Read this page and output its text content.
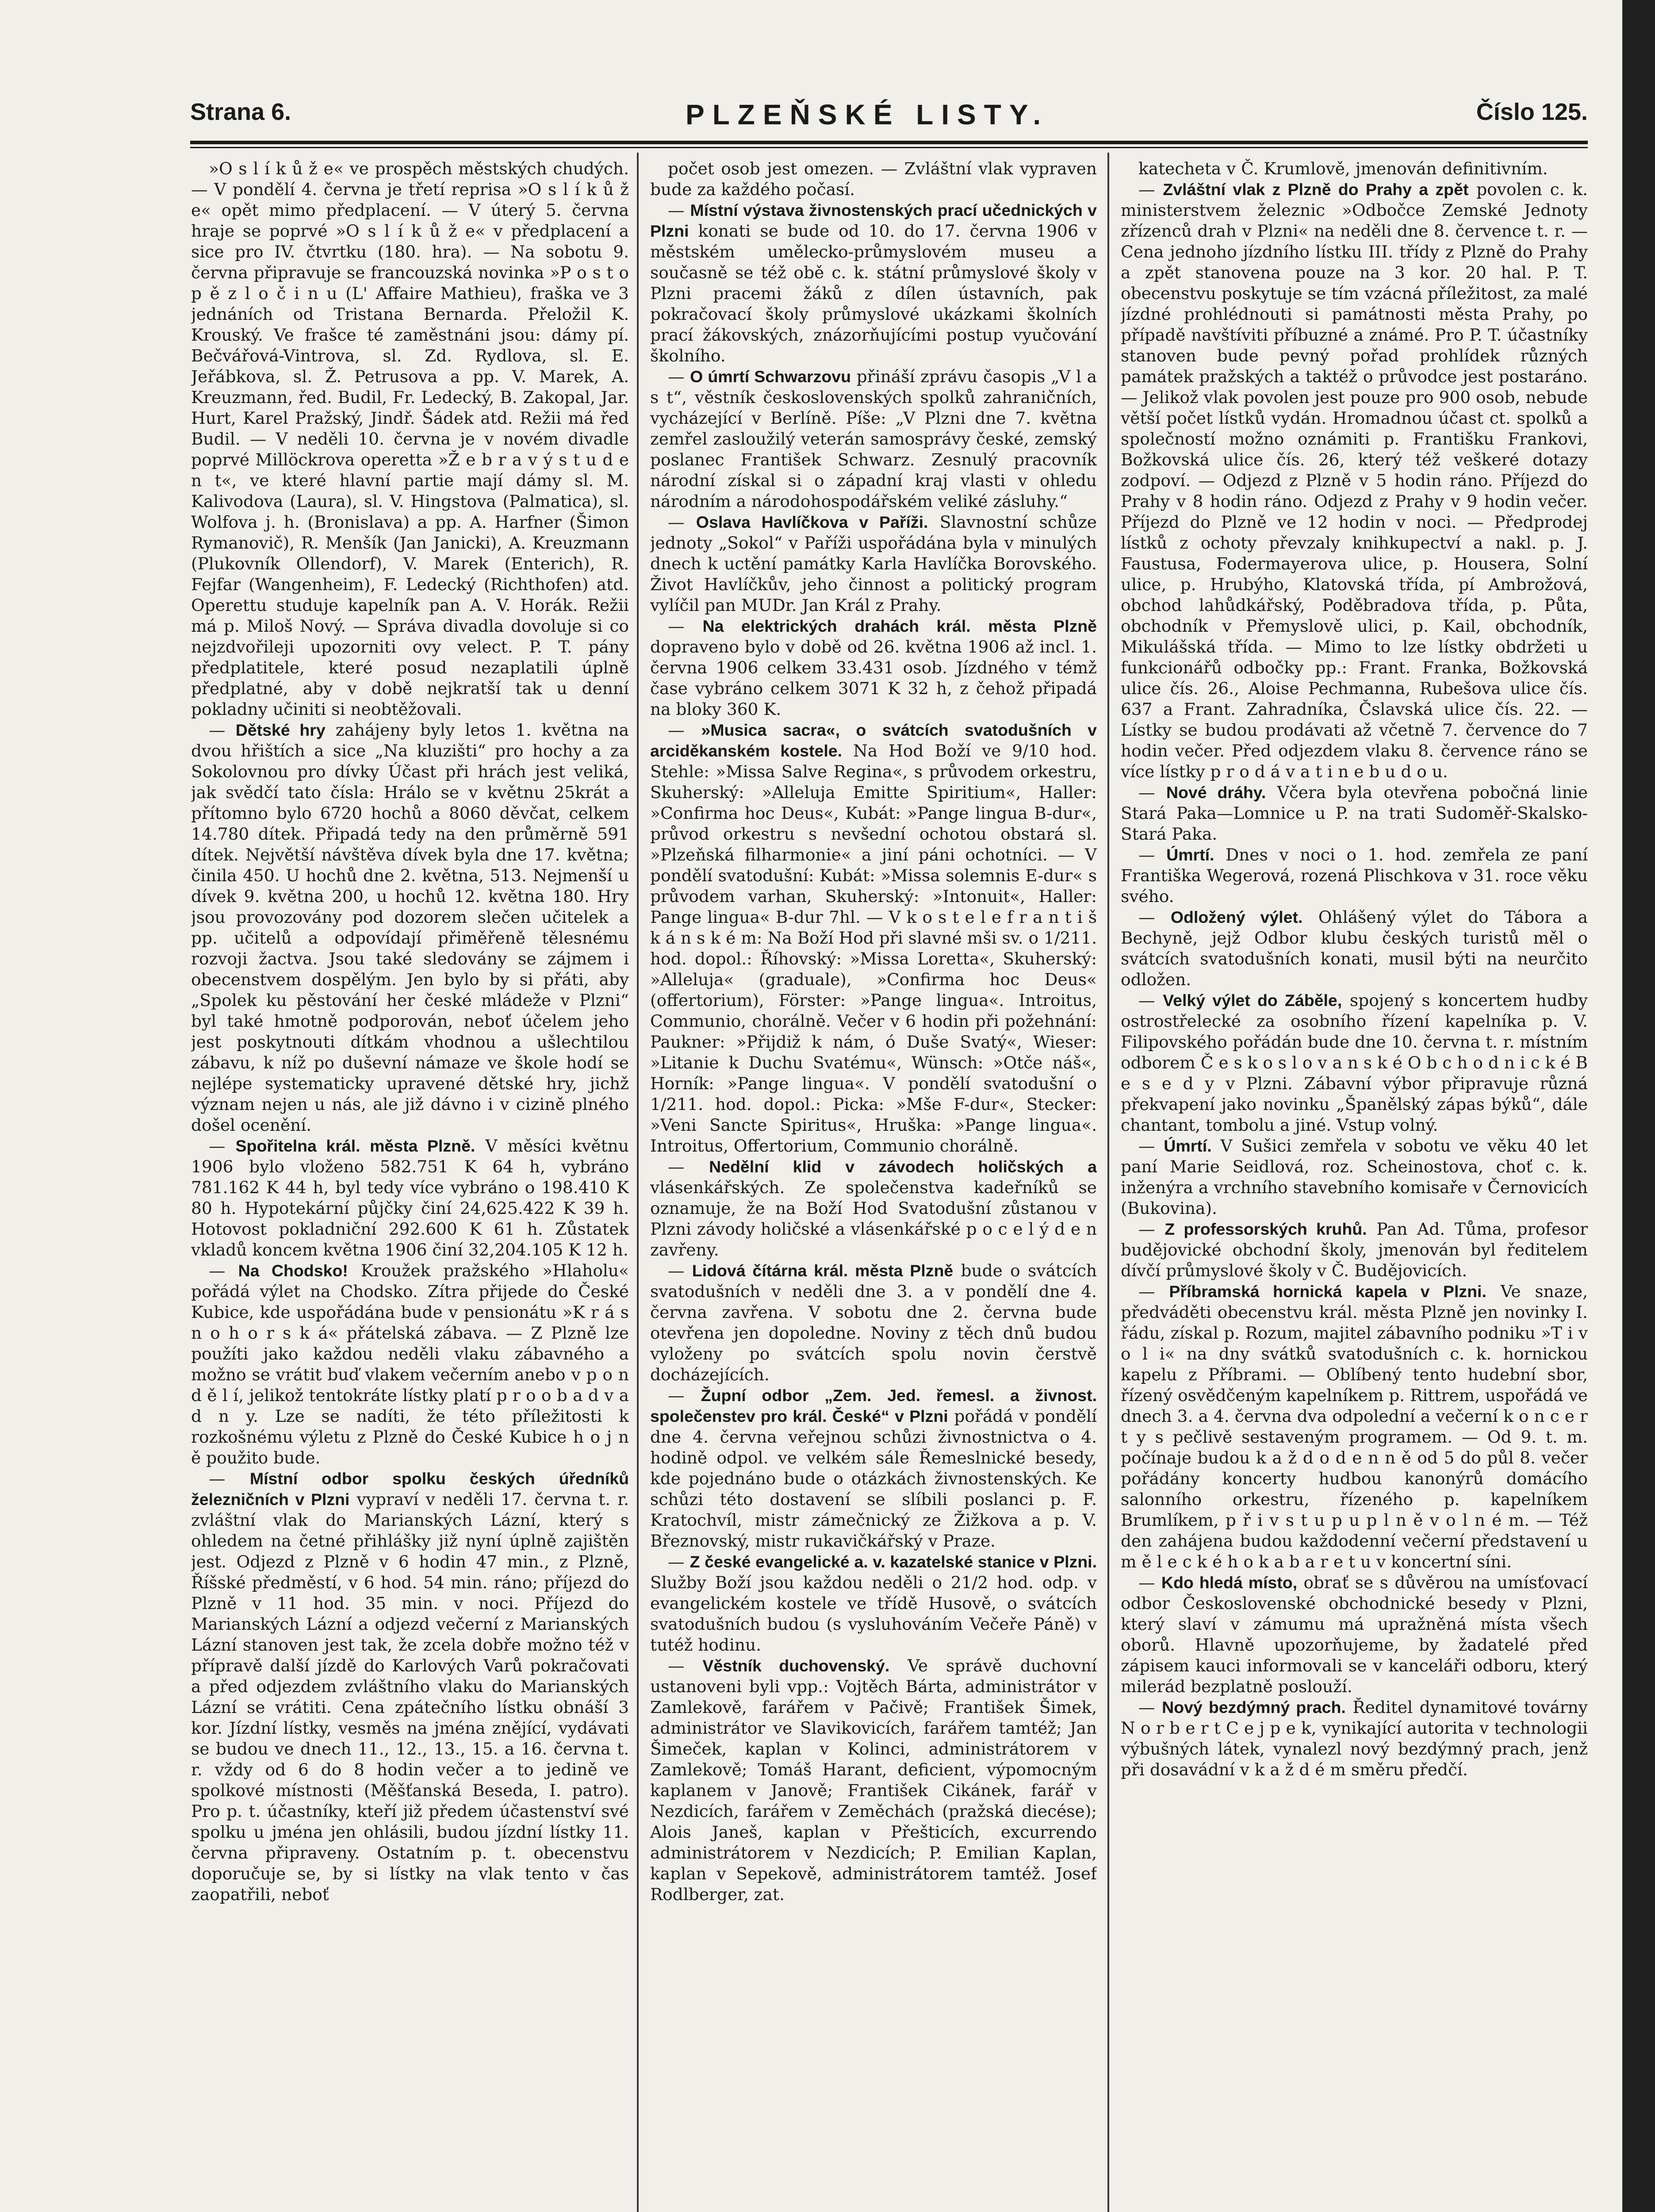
Strana 6.	PLZEŇSKÉ LISTY.	Číslo 125.

»O s l í k ů ž e« ve prospěch městských chudých. — V pondělí 4. června je třetí reprisa »O s l í k ů ž e« opět mimo předplacení. — V úterý 5. června hraje se poprvé »O s l í k ů ž e« v předplacení a sice pro IV. čtvrtku (180. hra). — Na sobotu 9. června připravuje se francouzská novinka »P o s t o p ě z l o č i n u (L' Affaire Mathieu), fraška ve 3 jednáních od Tristana Bernarda. Přeložil K. Krouský. Ve frašce té zaměstnáni jsou: dámy pí. Bečvářová-Vintrova, sl. Zd. Rydlova, sl. E. Jeřábkova, sl. Ž. Petrusova a pp. V. Marek, A. Kreuzmann, řed. Budil, Fr. Ledecký, B. Zakopal, Jar. Hurt, Karel Pražský, Jindř. Šádek atd. Režii má řed Budil. — V neděli 10. června je v novém divadle poprvé Millöckrova operetta »Ž e b r a v ý s t u d e n t«, ve které hlavní partie mají dámy sl. M. Kalivodova (Laura), sl. V. Hingstova (Palmatica), sl. Wolfova j. h. (Bronislava) a pp. A. Harfner (Šimon Rymanovič), R. Menšík (Jan Janicki), A. Kreuzmann (Plukovník Ollendorf), V. Marek (Enterich), R. Fejfar (Wangenheim), F. Ledecký (Richthofen) atd. Operettu studuje kapelník pan A. V. Horák. Režii má p. Miloš Nový. — Správa divadla dovoluje si co nejzdvořileji upozorniti ovy velect. P. T. pány předplatitele, které posud nezaplatili úplně předplatné, aby v době nejkratší tak u denní pokladny učiniti si neobtěžovali.

— Dětské hry zahájeny byly letos 1. května na dvou hřištích a sice „Na kluzišti“ pro hochy a za Sokolovnou pro dívky Účast při hrách jest veliká, jak svědčí tato čísla: Hrálo se v květnu 25krát a přítomno bylo 6720 hochů a 8060 děvčat, celkem 14.780 dítek. Připadá tedy na den průměrně 591 dítek. Největší návštěva dívek byla dne 17. května; činila 450. U hochů dne 2. května, 513. Nejmenší u dívek 9. května 200, u hochů 12. května 180. Hry jsou provozovány pod dozorem slečen učitelek a pp. učitelů a odpovídají přiměřeně tělesnému rozvoji žactva. Jsou také sledovány se zájmem i obecenstvem dospělým. Jen bylo by si přáti, aby „Spolek ku pěstování her české mládeže v Plzni“ byl také hmotně podporován, neboť účelem jeho jest poskytnouti dítkám vhodnou a ušlechtilou zábavu, k níž po duševní námaze ve škole hodí se nejlépe systematicky upravené dětské hry, jichž význam nejen u nás, ale již dávno i v cizině plného došel ocenění.

— Spořitelna král. města Plzně. V měsíci květnu 1906 bylo vloženo 582.751 K 64 h, vybráno 781.162 K 44 h, byl tedy více vybráno o 198.410 K 80 h. Hypotekární půjčky činí 24,625.422 K 39 h. Hotovost pokladniční 292.600 K 61 h. Zůstatek vkladů koncem května 1906 činí 32,204.105 K 12 h.

— Na Chodsko! Kroužek pražského »Hlaholu« pořádá výlet na Chodsko. Zítra přijede do České Kubice, kde uspořádána bude v pensionátu »K r á s n o h o r s k á« přátelská zábava. — Z Plzně lze použíti jako každou neděli vlaku zábavného a možno se vrátit buď vlakem večerním anebo v p o n d ě l í, jelikož tentokráte lístky platí p r o o b a d v a d n y. Lze se nadíti, že této příležitosti k rozkošnému výletu z Plzně do České Kubice h o j n ě použito bude.

— Místní odbor spolku českých úředníků železničních v Plzni vypraví v neděli 17. června t. r. zvláštní vlak do Marianských Lázní, který s ohledem na četné přihlášky již nyní úplně zajištěn jest. Odjezd z Plzně v 6 hodin 47 min., z Plzně, Říšské předměstí, v 6 hod. 54 min. ráno; příjezd do Plzně v 11 hod. 35 min. v noci. Příjezd do Marianských Lázní a odjezd večerní z Marianských Lázní stanoven jest tak, že zcela dobře možno též v přípravě další jízdě do Karlových Varů pokračovati a před odjezdem zvláštního vlaku do Marianských Lázní se vrátiti. Cena zpátečního lístku obnáší 3 kor. Jízdní lístky, vesměs na jména znějící, vydávati se budou ve dnech 11., 12., 13., 15. a 16. června t. r. vždy od 6 do 8 hodin večer a to jedině ve spolkové místnosti (Měšťanská Beseda, I. patro). Pro p. t. účastníky, kteří již předem účastenství své spolku u jména jen ohlásili, budou jízdní lístky 11. června připraveny. Ostatním p. t. obecenstvu doporučuje se, by si lístky na vlak tento v čas zaopatřili, neboť

počet osob jest omezen. — Zvláštní vlak vypraven bude za každého počasí.

— Místní výstava živnostenských prací učednických v Plzni konati se bude od 10. do 17. června 1906 v městském umělecko-průmyslovém museu a současně se též obě c. k. státní průmyslové školy v Plzni pracemi žáků z dílen ústavních, pak pokračovací školy průmyslové ukázkami školních prací žákovských, znázorňujícími postup vyučování školního.

— O úmrtí Schwarzovu přináší zprávu časopis „V l a s t“, věstník československých spolků zahraničních, vycházející v Berlíně. Píše: „V Plzni dne 7. května zemřel zasloužilý veterán samosprávy české, zemský poslanec František Schwarz. Zesnulý pracovník národní získal si o západní kraj vlasti v ohledu národním a národohospodářském veliké zásluhy.“

— Oslava Havlíčkova v Paříži. Slavnostní schůze jednoty „Sokol“ v Paříži uspořádána byla v minulých dnech k uctění památky Karla Havlíčka Borovského. Život Havlíčkův, jeho činnost a politický program vylíčil pan MUDr. Jan Král z Prahy.

— Na elektrických drahách král. města Plzně dopraveno bylo v době od 26. května 1906 až incl. 1. června 1906 celkem 33.431 osob. Jízdného v témž čase vybráno celkem 3071 K 32 h, z čehož připadá na bloky 360 K.

— »Musica sacra«, o svátcích svatodušních v arciděkanském kostele. Na Hod Boží ve 9/10 hod. Stehle: »Missa Salve Regina«, s průvodem orkestru, Skuherský: »Alleluja Emitte Spiritium«, Haller: »Confirma hoc Deus«, Kubát: »Pange lingua B-dur«, průvod orkestru s nevšední ochotou obstará sl. »Plzeňská filharmonie« a jiní páni ochotníci. — V pondělí svatodušní: Kubát: »Missa solemnis E-dur« s průvodem varhan, Skuherský: »Intonuit«, Haller: Pange lingua« B-dur 7hl. — V k o s t e l e f r a n t i š k á n s k é m: Na Boží Hod při slavné mši sv. o 1/211. hod. dopol.: Říhovský: »Missa Loretta«, Skuherský: »Alleluja« (graduale), »Confirma hoc Deus« (offertorium), Förster: »Pange lingua«. Introitus, Communio, chorálně. Večer v 6 hodin při požehnání: Paukner: »Přijdiž k nám, ó Duše Svatý«, Wieser: »Litanie k Duchu Svatému«, Wünsch: »Otče náš«, Horník: »Pange lingua«. V pondělí svatodušní o 1/211. hod. dopol.: Picka: »Mše F-dur«, Stecker: »Veni Sancte Spiritus«, Hruška: »Pange lingua«. Introitus, Offertorium, Communio chorálně.

— Nedělní klid v závodech holičských a vlásenkářských. Ze společenstva kadeřníků se oznamuje, že na Boží Hod Svatodušní zůstanou v Plzni závody holičské a vlásenkářské p o c e l ý d e n zavřeny.

— Lidová čítárna král. města Plzně bude o svátcích svatodušních v neděli dne 3. a v pondělí dne 4. června zavřena. V sobotu dne 2. června bude otevřena jen dopoledne. Noviny z těch dnů budou vyloženy po svátcích spolu novin čerstvě docházejících.

— Župní odbor „Zem. Jed. řemesl. a živnost. společenstev pro král. České“ v Plzni pořádá v pondělí dne 4. června veřejnou schůzi živnostnictva o 4. hodině odpol. ve velkém sále Řemeslnické besedy, kde pojednáno bude o otázkách živnostenských. Ke schůzi této dostavení se slíbili poslanci p. F. Kratochvíl, mistr zámečnický ze Žižkova a p. V. Březnovský, mistr rukavičkářský v Praze.

— Z české evangelické a. v. kazatelské stanice v Plzni. Služby Boží jsou každou neděli o 21/2 hod. odp. v evangelickém kostele ve třídě Husově, o svátcích svatodušních budou (s vysluhováním Večeře Páně) v tutéž hodinu.

— Věstník duchovenský. Ve správě duchovní ustanoveni byli vpp.: Vojtěch Bárta, administrátor v Zamlekově, farářem v Pačivě; František Šimek, administrátor ve Slavikovicích, farářem tamtéž; Jan Šimeček, kaplan v Kolinci, administrátorem v Zamlekově; Tomáš Harant, deficient, výpomocným kaplanem v Janově; František Cikánek, farář v Nezdicích, farářem v Zeměchách (pražská diecése); Alois Janeš, kaplan v Přešticích, excurrendo administrátorem v Nezdicích; P. Emilian Kaplan, kaplan v Sepekově, administrátorem tamtéž. Josef Rodlberger, zat.

katecheta v Č. Krumlově, jmenován definitivním.

— Zvláštní vlak z Plzně do Prahy a zpět povolen c. k. ministerstvem železnic »Odbočce Zemské Jednoty zřízenců drah v Plzni« na neděli dne 8. července t. r. — Cena jednoho jízdního lístku III. třídy z Plzně do Prahy a zpět stanovena pouze na 3 kor. 20 hal. P. T. obecenstvu poskytuje se tím vzácná příležitost, za malé jízdné prohlédnouti si památnosti města Prahy, po případě navštíviti příbuzné a známé. Pro P. T. účastníky stanoven bude pevný pořad prohlídek různých památek pražských a taktéž o průvodce jest postaráno. — Jelikož vlak povolen jest pouze pro 900 osob, nebude větší počet lístků vydán. Hromadnou účast ct. spolků a společností možno oznámiti p. Františku Frankovi, Božkovská ulice čís. 26, který též veškeré dotazy zodpoví. — Odjezd z Plzně v 5 hodin ráno. Příjezd do Prahy v 8 hodin ráno. Odjezd z Prahy v 9 hodin večer. Příjezd do Plzně ve 12 hodin v noci. — Předprodej lístků z ochoty převzaly knihkupectví a nakl. p. J. Faustusa, Fodermayerova ulice, p. Housera, Solní ulice, p. Hrubýho, Klatovská třída, pí Ambrožová, obchod lahůdkářský, Poděbradova třída, p. Půta, obchodník v Přemyslově ulici, p. Kail, obchodník, Mikulášská třída. — Mimo to lze lístky obdržeti u funkcionářů odbočky pp.: Frant. Franka, Božkovská ulice čís. 26., Aloise Pechmanna, Rubešova ulice čís. 637 a Frant. Zahradníka, Čslavská ulice čís. 22. — Lístky se budou prodávati až včetně 7. července do 7 hodin večer. Před odjezdem vlaku 8. července ráno se více lístky p r o d á v a t i n e b u d o u.

— Nové dráhy. Včera byla otevřena pobočná linie Stará Paka—Lomnice u P. na trati Sudoměř-Skalsko-Stará Paka.

— Úmrtí. Dnes v noci o 1. hod. zemřela ze paní Františka Wegerová, rozená Plischkova v 31. roce věku svého.

— Odložený výlet. Ohlášený výlet do Tábora a Bechyně, jejž Odbor klubu českých turistů měl o svátcích svatodušních konati, musil býti na neurčito odložen.

— Velký výlet do Záběle, spojený s koncertem hudby ostrostřelecké za osobního řízení kapelníka p. V. Filipovského pořádán bude dne 10. června t. r. místním odborem Č e s k o s l o v a n s k é O b c h o d n i c k é B e s e d y v Plzni. Zábavní výbor připravuje různá překvapení jako novinku „Španělský zápas býků“, dále chantant, tombolu a jiné. Vstup volný.

— Úmrtí. V Sušici zemřela v sobotu ve věku 40 let paní Marie Seidlová, roz. Scheinostova, choť c. k. inženýra a vrchního stavebního komisaře v Černovicích (Bukovina).

— Z professorských kruhů. Pan Ad. Tůma, profesor budějovické obchodní školy, jmenován byl ředitelem dívčí průmyslové školy v Č. Budějovicích.

— Příbramská hornická kapela v Plzni. Ve snaze, předváděti obecenstvu král. města Plzně jen novinky I. řádu, získal p. Rozum, majitel zábavního podniku »T i v o l i« na dny svátků svatodušních c. k. hornickou kapelu z Příbrami. — Oblíbený tento hudební sbor, řízený osvědčeným kapelníkem p. Rittrem, uspořádá ve dnech 3. a 4. června dva odpolední a večerní k o n c e r t y s pečlivě sestaveným programem. — Od 9. t. m. počínaje budou k a ž d o d e n n ě od 5 do půl 8. večer pořádány koncerty hudbou kanonýrů domácího salonního orkestru, řízeného p. kapelníkem Brumlíkem, p ř i v s t u p u p l n ě v o l n é m. — Též den zahájena budou každodenní večerní představení u m ě l e c k é h o k a b a r e t u v koncertní síni.

— Kdo hledá místo, obrať se s důvěrou na umísťovací odbor Československé obchodnické besedy v Plzni, který slaví v zámumu má upražněná místa všech oborů. Hlavně upozorňujeme, by žadatelé před zápisem kauci informovali se v kanceláři odboru, který milerád bezplatně poslouží.

— Nový bezdýmný prach. Ředitel dynamitové továrny N o r b e r t C e j p e k, vynikající autorita v technologii výbušných látek, vynalezl nový bezdýmný prach, jenž při dosavádní v k a ž d é m směru předčí.
